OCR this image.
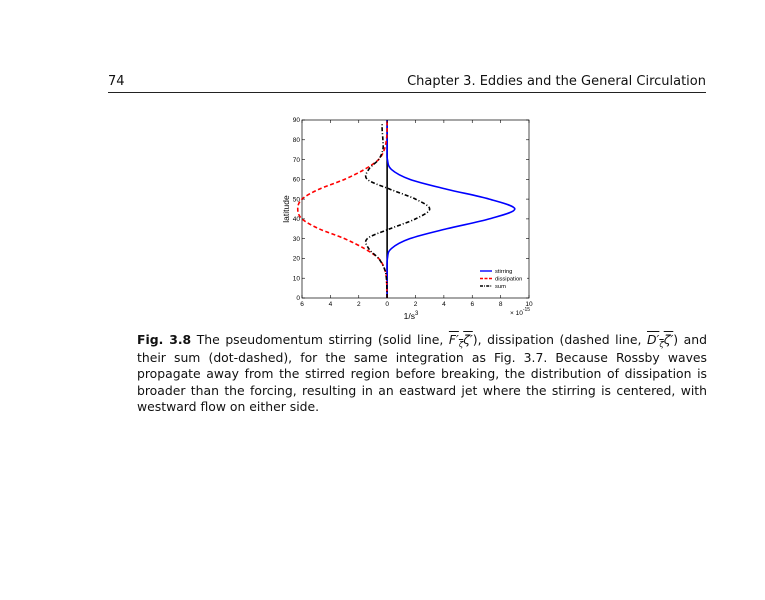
74	Chapter 3. Eddies and the General Circulation
6	4	2	0	2	4	6	8	10
0
10
20
30
40
50
60
70
80
90
stirring
dissipation
sum
$1/s^3$	× $10^{-15}$
latitude
Fig. 3.8 The pseudomentum stirring (solid line, $F'_\zeta\zeta'$), dissipation (dashed line, $D'_\zeta\zeta'$) and their sum (dot-dashed), for the same integration as Fig. 3.7. Because Rossby waves propagate away from the stirred region before breaking, the distribution of dissipation is broader than the forcing, resulting in an eastward jet where the stirring is centered, with westward flow on either side.
